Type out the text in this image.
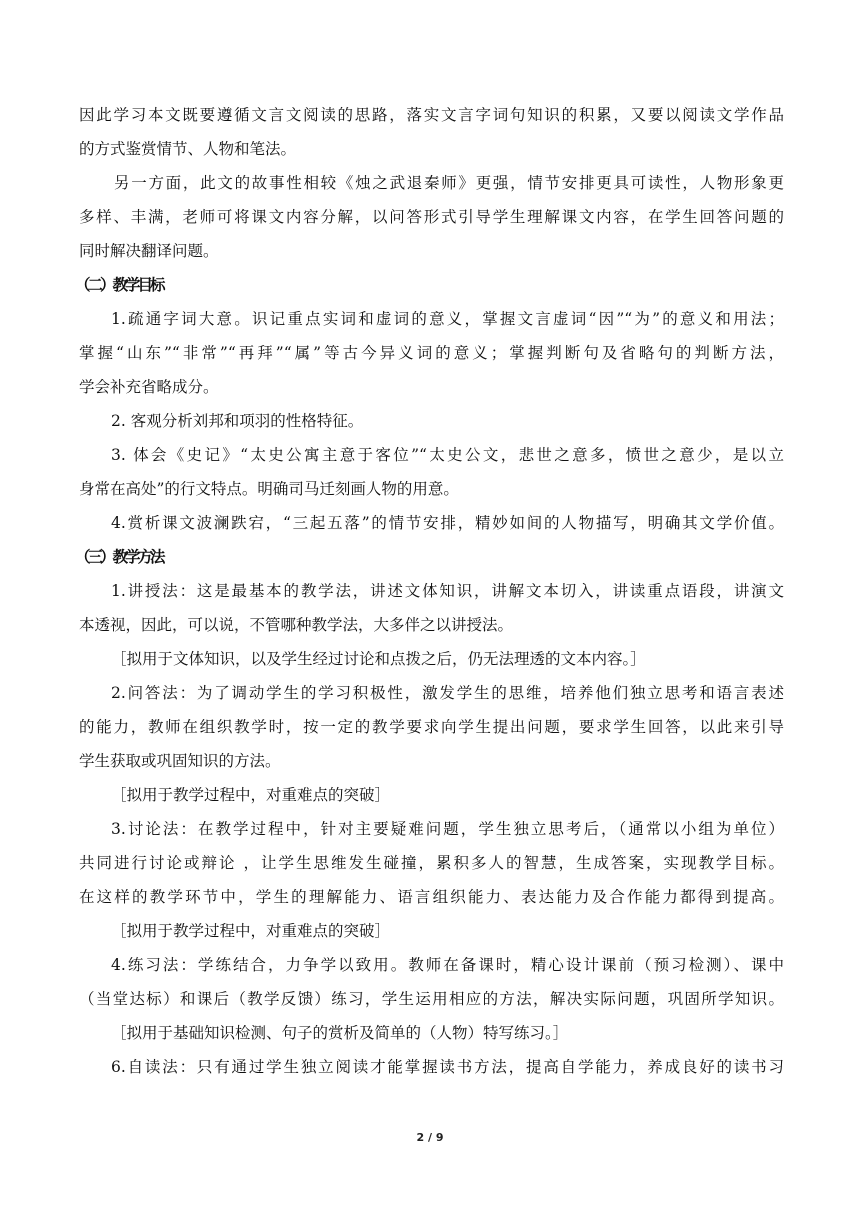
因此学习本文既要遵循文言文阅读的思路，落实文言字词句知识的积累，又要以阅读文学作品
的方式鉴赏情节、人物和笔法。
另一方面，此文的故事性相较《烛之武退秦师》更强，情节安排更具可读性，人物形象更
多样、丰满，老师可将课文内容分解，以问答形式引导学生理解课文内容，在学生回答问题的
同时解决翻译问题。
（二）教学目标
1.疏通字词大意。识记重点实词和虚词的意义，掌握文言虚词“因”“为”的意义和用法；
掌握“山东”“非常”“再拜”“属”等古今异义词的意义；掌握判断句及省略句的判断方法，
学会补充省略成分。
2. 客观分析刘邦和项羽的性格特征。
3. 体会《史记》“太史公寓主意于客位”“太史公文，悲世之意多，愤世之意少，是以立
身常在高处”的行文特点。明确司马迁刻画人物的用意。
4.赏析课文波澜跌宕，“三起五落”的情节安排，精妙如间的人物描写，明确其文学价值。
（三）教学方法
1.讲授法：这是最基本的教学法，讲述文体知识，讲解文本切入，讲读重点语段，讲演文
本透视，因此，可以说，不管哪种教学法，大多伴之以讲授法。
［拟用于文体知识，以及学生经过讨论和点拨之后，仍无法理透的文本内容。］
2.问答法：为了调动学生的学习积极性，激发学生的思维，培养他们独立思考和语言表述
的能力，教师在组织教学时，按一定的教学要求向学生提出问题，要求学生回答，以此来引导
学生获取或巩固知识的方法。
［拟用于教学过程中，对重难点的突破］
3.讨论法：在教学过程中，针对主要疑难问题，学生独立思考后，（通常以小组为单位）
共同进行讨论或辩论 ，让学生思维发生碰撞，累积多人的智慧，生成答案，实现教学目标。
在这样的教学环节中，学生的理解能力、语言组织能力、表达能力及合作能力都得到提高。
［拟用于教学过程中，对重难点的突破］
4.练习法：学练结合，力争学以致用。教师在备课时，精心设计课前（预习检测）、课中
（当堂达标）和课后（教学反馈）练习，学生运用相应的方法，解决实际问题，巩固所学知识。
［拟用于基础知识检测、句子的赏析及简单的（人物）特写练习。］
6.自读法：只有通过学生独立阅读才能掌握读书方法，提高自学能力，养成良好的读书习
2 / 9
